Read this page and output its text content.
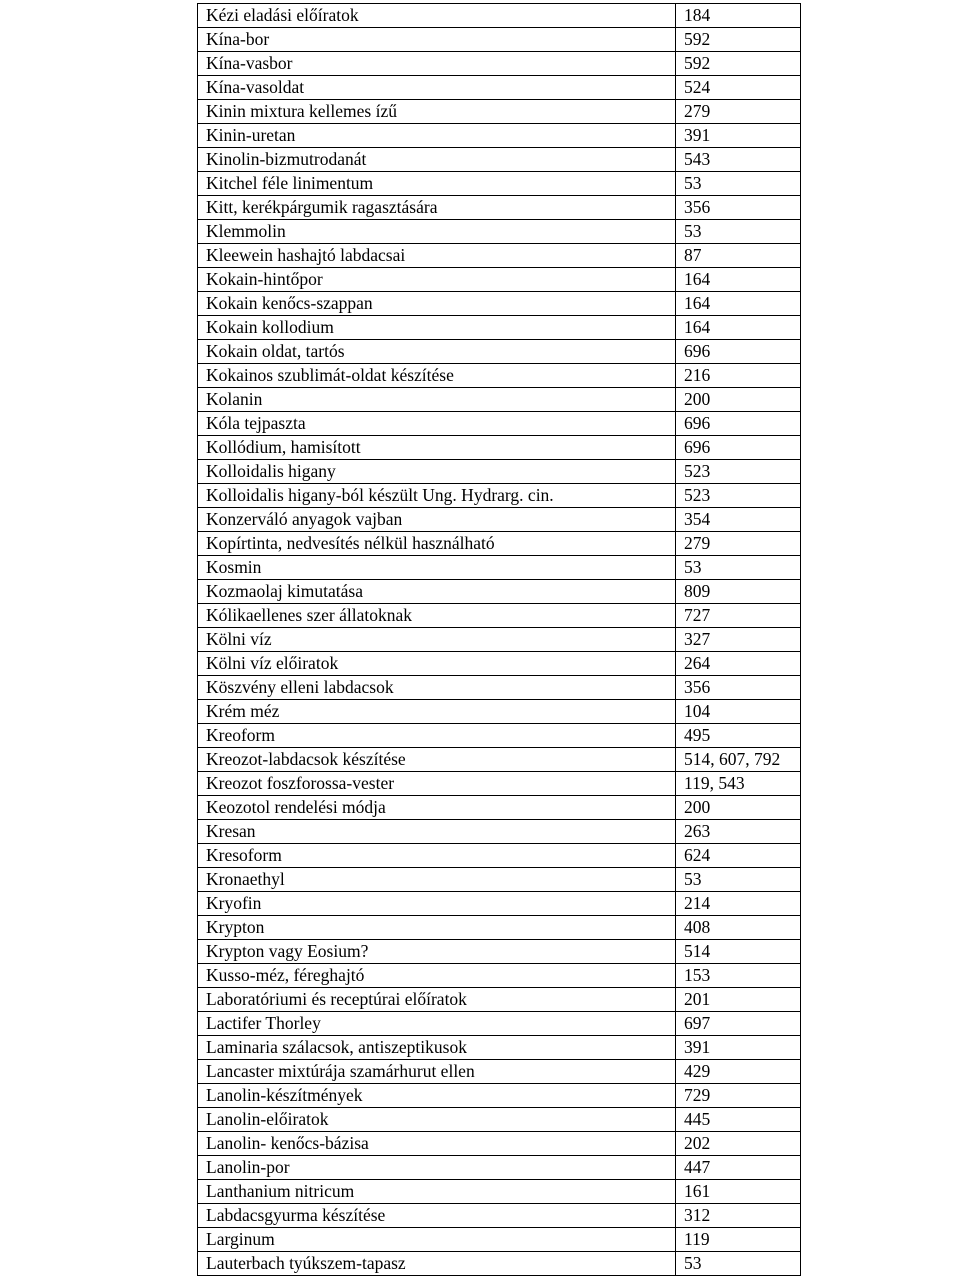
Kézi eladási előíratok	184
Kína-bor	592
Kína-vasbor	592
Kína-vasoldat	524
Kinin mixtura kellemes ízű	279
Kinin-uretan	391
Kinolin-bizmutrodanát	543
Kitchel féle linimentum	53
Kitt, kerékpárgumik ragasztására	356
Klemmolin	53
Kleewein hashajtó labdacsai	87
Kokain-hintőpor	164
Kokain kenőcs-szappan	164
Kokain kollodium	164
Kokain oldat, tartós	696
Kokainos szublimát-oldat készítése	216
Kolanin	200
Kóla tejpaszta	696
Kollódium, hamisított	696
Kolloidalis higany	523
Kolloidalis higany-ból készült Ung. Hydrarg. cin.	523
Konzerváló anyagok vajban	354
Kopírtinta, nedvesítés nélkül használható	279
Kosmin	53
Kozmaolaj kimutatása	809
Kólikaellenes szer állatoknak	727
Kölni víz	327
Kölni víz előiratok	264
Köszvény elleni labdacsok	356
Krém méz	104
Kreoform	495
Kreozot-labdacsok készítése	514, 607, 792
Kreozot foszforossa-vester	119, 543
Keozotol rendelési módja	200
Kresan	263
Kresoform	624
Kronaethyl	53
Kryofin	214
Krypton	408
Krypton vagy Eosium?	514
Kusso-méz, féreghajtó	153
Laboratóriumi és receptúrai előíratok	201
Lactifer Thorley	697
Laminaria szálacsok, antiszeptikusok	391
Lancaster mixtúrája szamárhurut ellen	429
Lanolin-készítmények	729
Lanolin-előiratok	445
Lanolin- kenőcs-bázisa	202
Lanolin-por	447
Lanthanium nitricum	161
Labdacsgyurma készítése	312
Larginum	119
Lauterbach tyúkszem-tapasz	53
